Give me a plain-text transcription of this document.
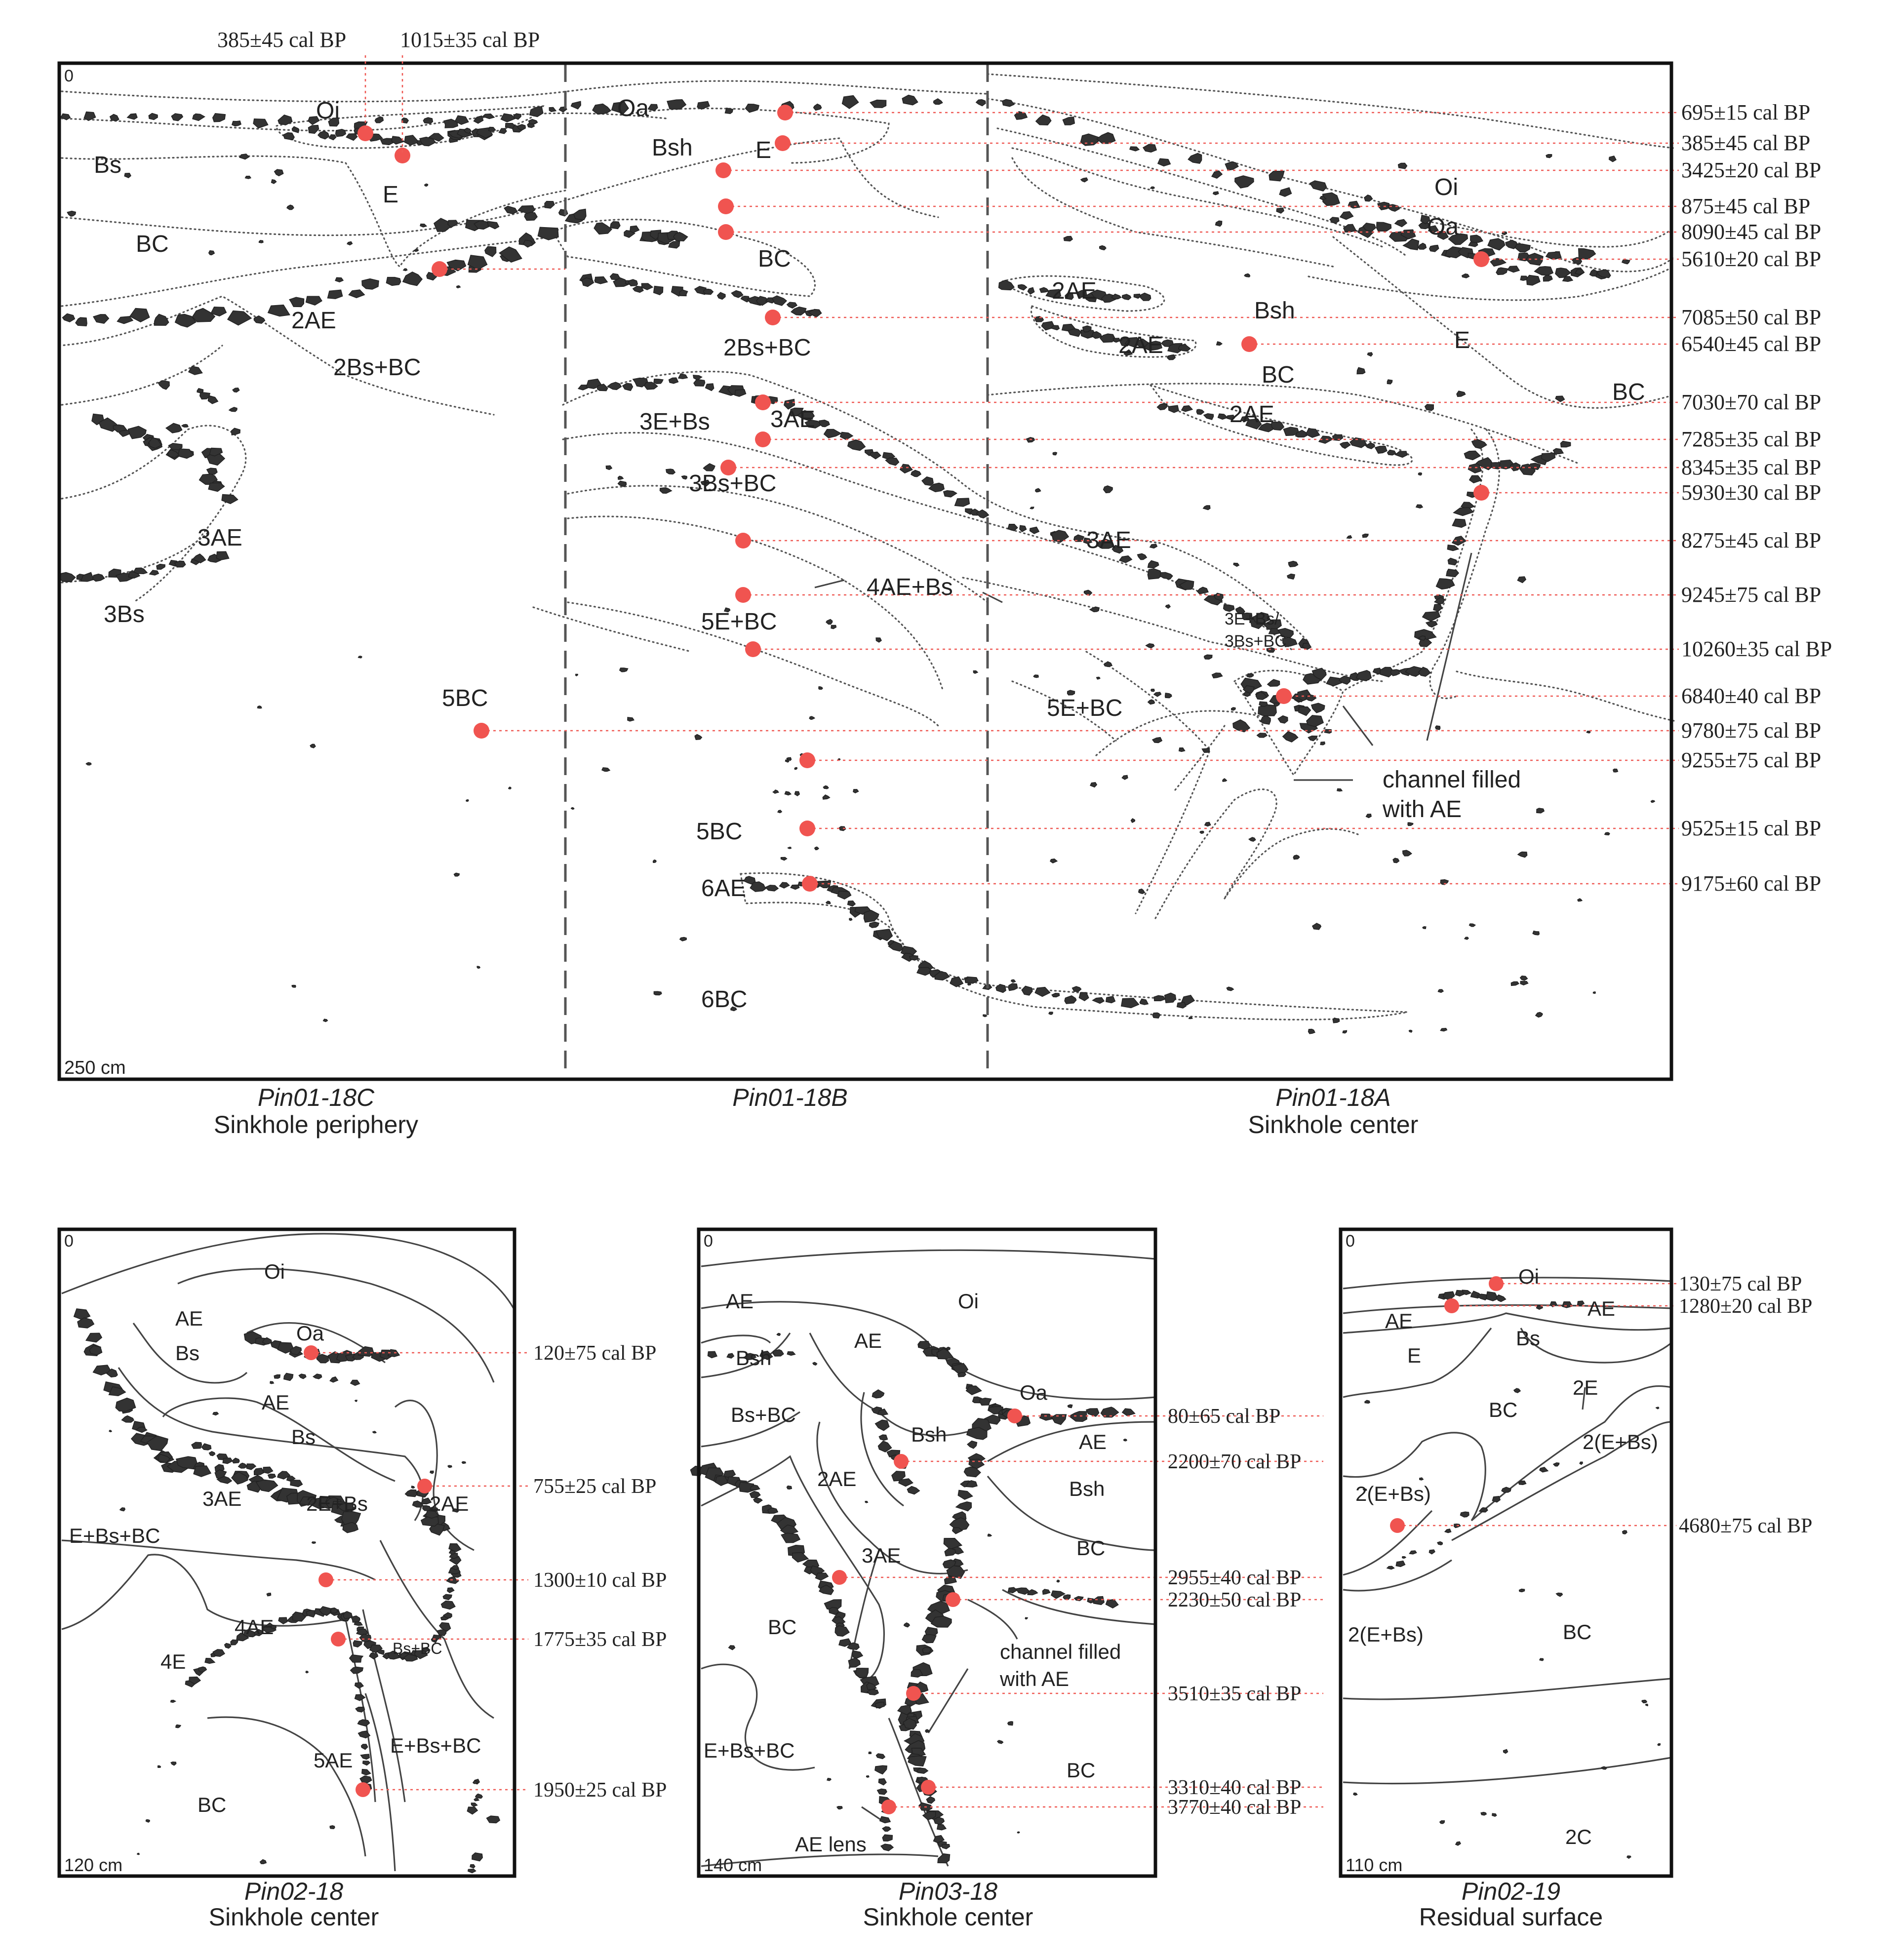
Oi
Bs
E
BC
2AE
2Bs+BC
3AE
3Bs
Oa
Bsh	E
BC
2Bs+BC
3E+Bs	3AE
3Bs+BC
4AE+Bs
5E+BC
5BC
5BC
6AE
6BC
Oi
Oa
Bsh
E
2AE
2AE
BC
2AE
BC
3AE
3E+Bs/
3Bs+BC
5E+BC
channel filled
with AE
0
250 cm
385±45 cal BP 1015±35 cal BP
695±15 cal BP
385±45 cal BP
3425±20 cal BP
875±45 cal BP
8090±45 cal BP
5610±20 cal BP
7085±50 cal BP
6540±45 cal BP
7030±70 cal BP
7285±35 cal BP
8345±35 cal BP
5930±30 cal BP
8275±45 cal BP
9245±75 cal BP
10260±35 cal BP
6840±40 cal BP
9780±75 cal BP
9255±75 cal BP
9525±15 cal BP
9175±60 cal BP
Pin01-18C
Sinkhole periphery
Pin01-18B	Pin01-18A
Sinkhole center
0
120 cm
Oi
AE
Bs
Oa
AE
Bs
3AE	2E+Bs	2AE
E+Bs+BC
4AE
Bs+BC
4E
5AE
E+Bs+BC
BC
120±75 cal BP
755±25 cal BP
1300±10 cal BP
1775±35 cal BP
1950±25 cal BP
Pin02-18
Sinkhole center
0
140 cm
AE	Oi
Bsh
AE
Oa
Bs+BC
Bsh	AE
2AE	Bsh
BC
3AE
BC
BC
E+Bs+BC
AE lens
channel filled
with AE
80±65 cal BP
2200±70 cal BP
2955±40 cal BP
2230±50 cal BP
3510±35 cal BP
3310±40 cal BP
3770±40 cal BP
Pin03-18
Sinkhole center
0
110 cm
Oi
AE
AE
E
Bs
2E
BC
2(E+Bs)
2(E+Bs)
2(E+Bs)	BC
2C
130±75 cal BP
1280±20 cal BP
4680±75 cal BP
Pin02-19
Residual surface
